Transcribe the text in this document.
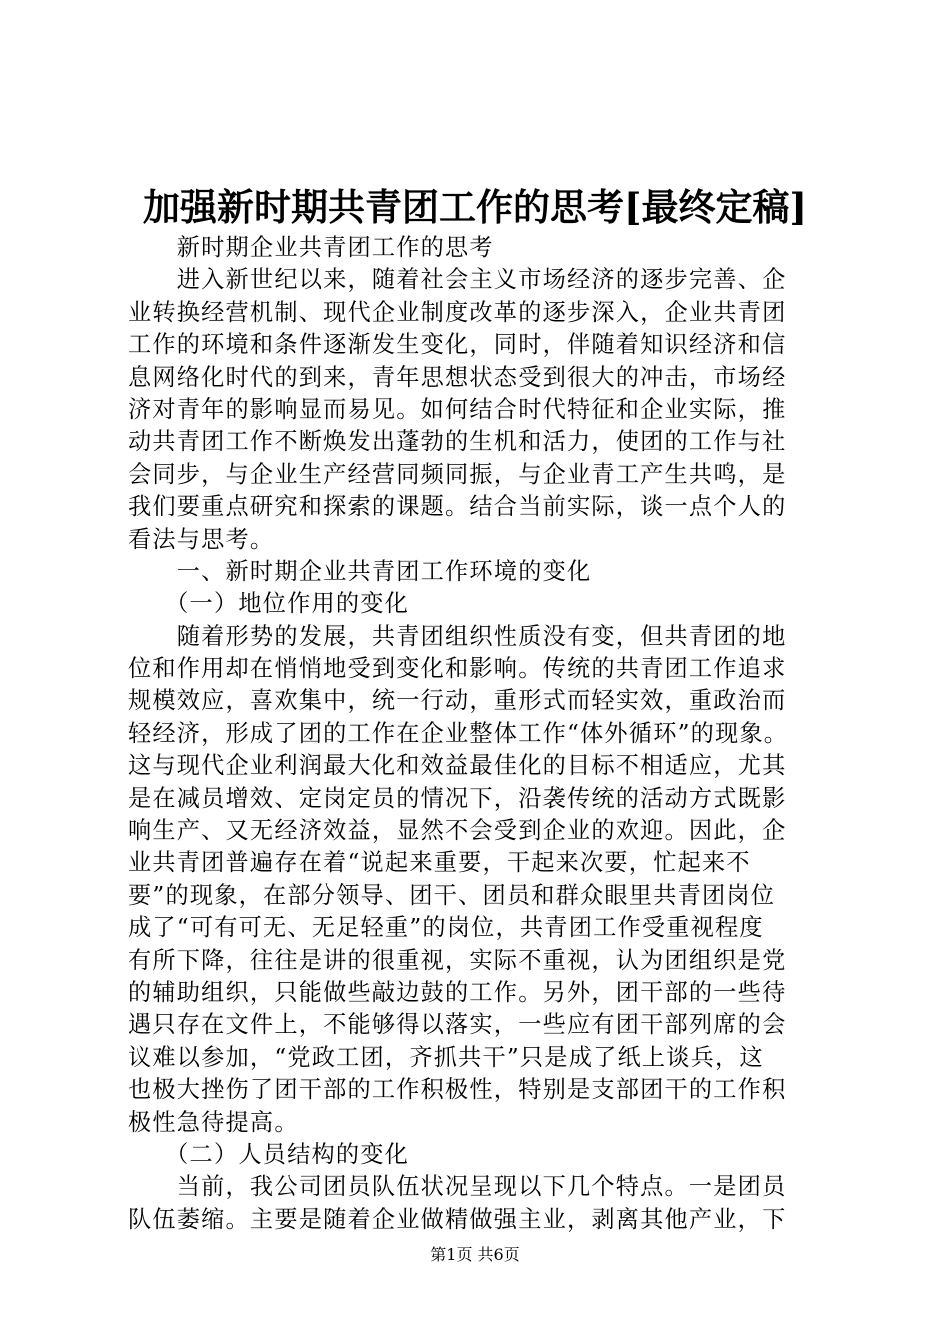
加强新时期共青团工作的思考[最终定稿]
　　新时期企业共青团工作的思考
　　进入新世纪以来，随着社会主义市场经济的逐步完善、企
业转换经营机制、现代企业制度改革的逐步深入，企业共青团
工作的环境和条件逐渐发生变化，同时，伴随着知识经济和信
息网络化时代的到来，青年思想状态受到很大的冲击，市场经
济对青年的影响显而易见。如何结合时代特征和企业实际，推
动共青团工作不断焕发出蓬勃的生机和活力，使团的工作与社
会同步，与企业生产经营同频同振，与企业青工产生共鸣，是
我们要重点研究和探索的课题。结合当前实际，谈一点个人的
看法与思考。
　　一、新时期企业共青团工作环境的变化
　　（一）地位作用的变化
　　随着形势的发展，共青团组织性质没有变，但共青团的地
位和作用却在悄悄地受到变化和影响。传统的共青团工作追求
规模效应，喜欢集中，统一行动，重形式而轻实效，重政治而
轻经济，形成了团的工作在企业整体工作“体外循环”的现象。
这与现代企业利润最大化和效益最佳化的目标不相适应，尤其
是在减员增效、定岗定员的情况下，沿袭传统的活动方式既影
响生产、又无经济效益，显然不会受到企业的欢迎。因此，企
业共青团普遍存在着“说起来重要，干起来次要，忙起来不
要”的现象，在部分领导、团干、团员和群众眼里共青团岗位
成了“可有可无、无足轻重”的岗位，共青团工作受重视程度
有所下降，往往是讲的很重视，实际不重视，认为团组织是党
的辅助组织，只能做些敲边鼓的工作。另外，团干部的一些待
遇只存在文件上，不能够得以落实，一些应有团干部列席的会
议难以参加，“党政工团，齐抓共干”只是成了纸上谈兵，这
也极大挫伤了团干部的工作积极性，特别是支部团干的工作积
极性急待提高。
　　（二）人员结构的变化
　　当前，我公司团员队伍状况呈现以下几个特点。一是团员
队伍萎缩。主要是随着企业做精做强主业，剥离其他产业，下
第1页 共6页
